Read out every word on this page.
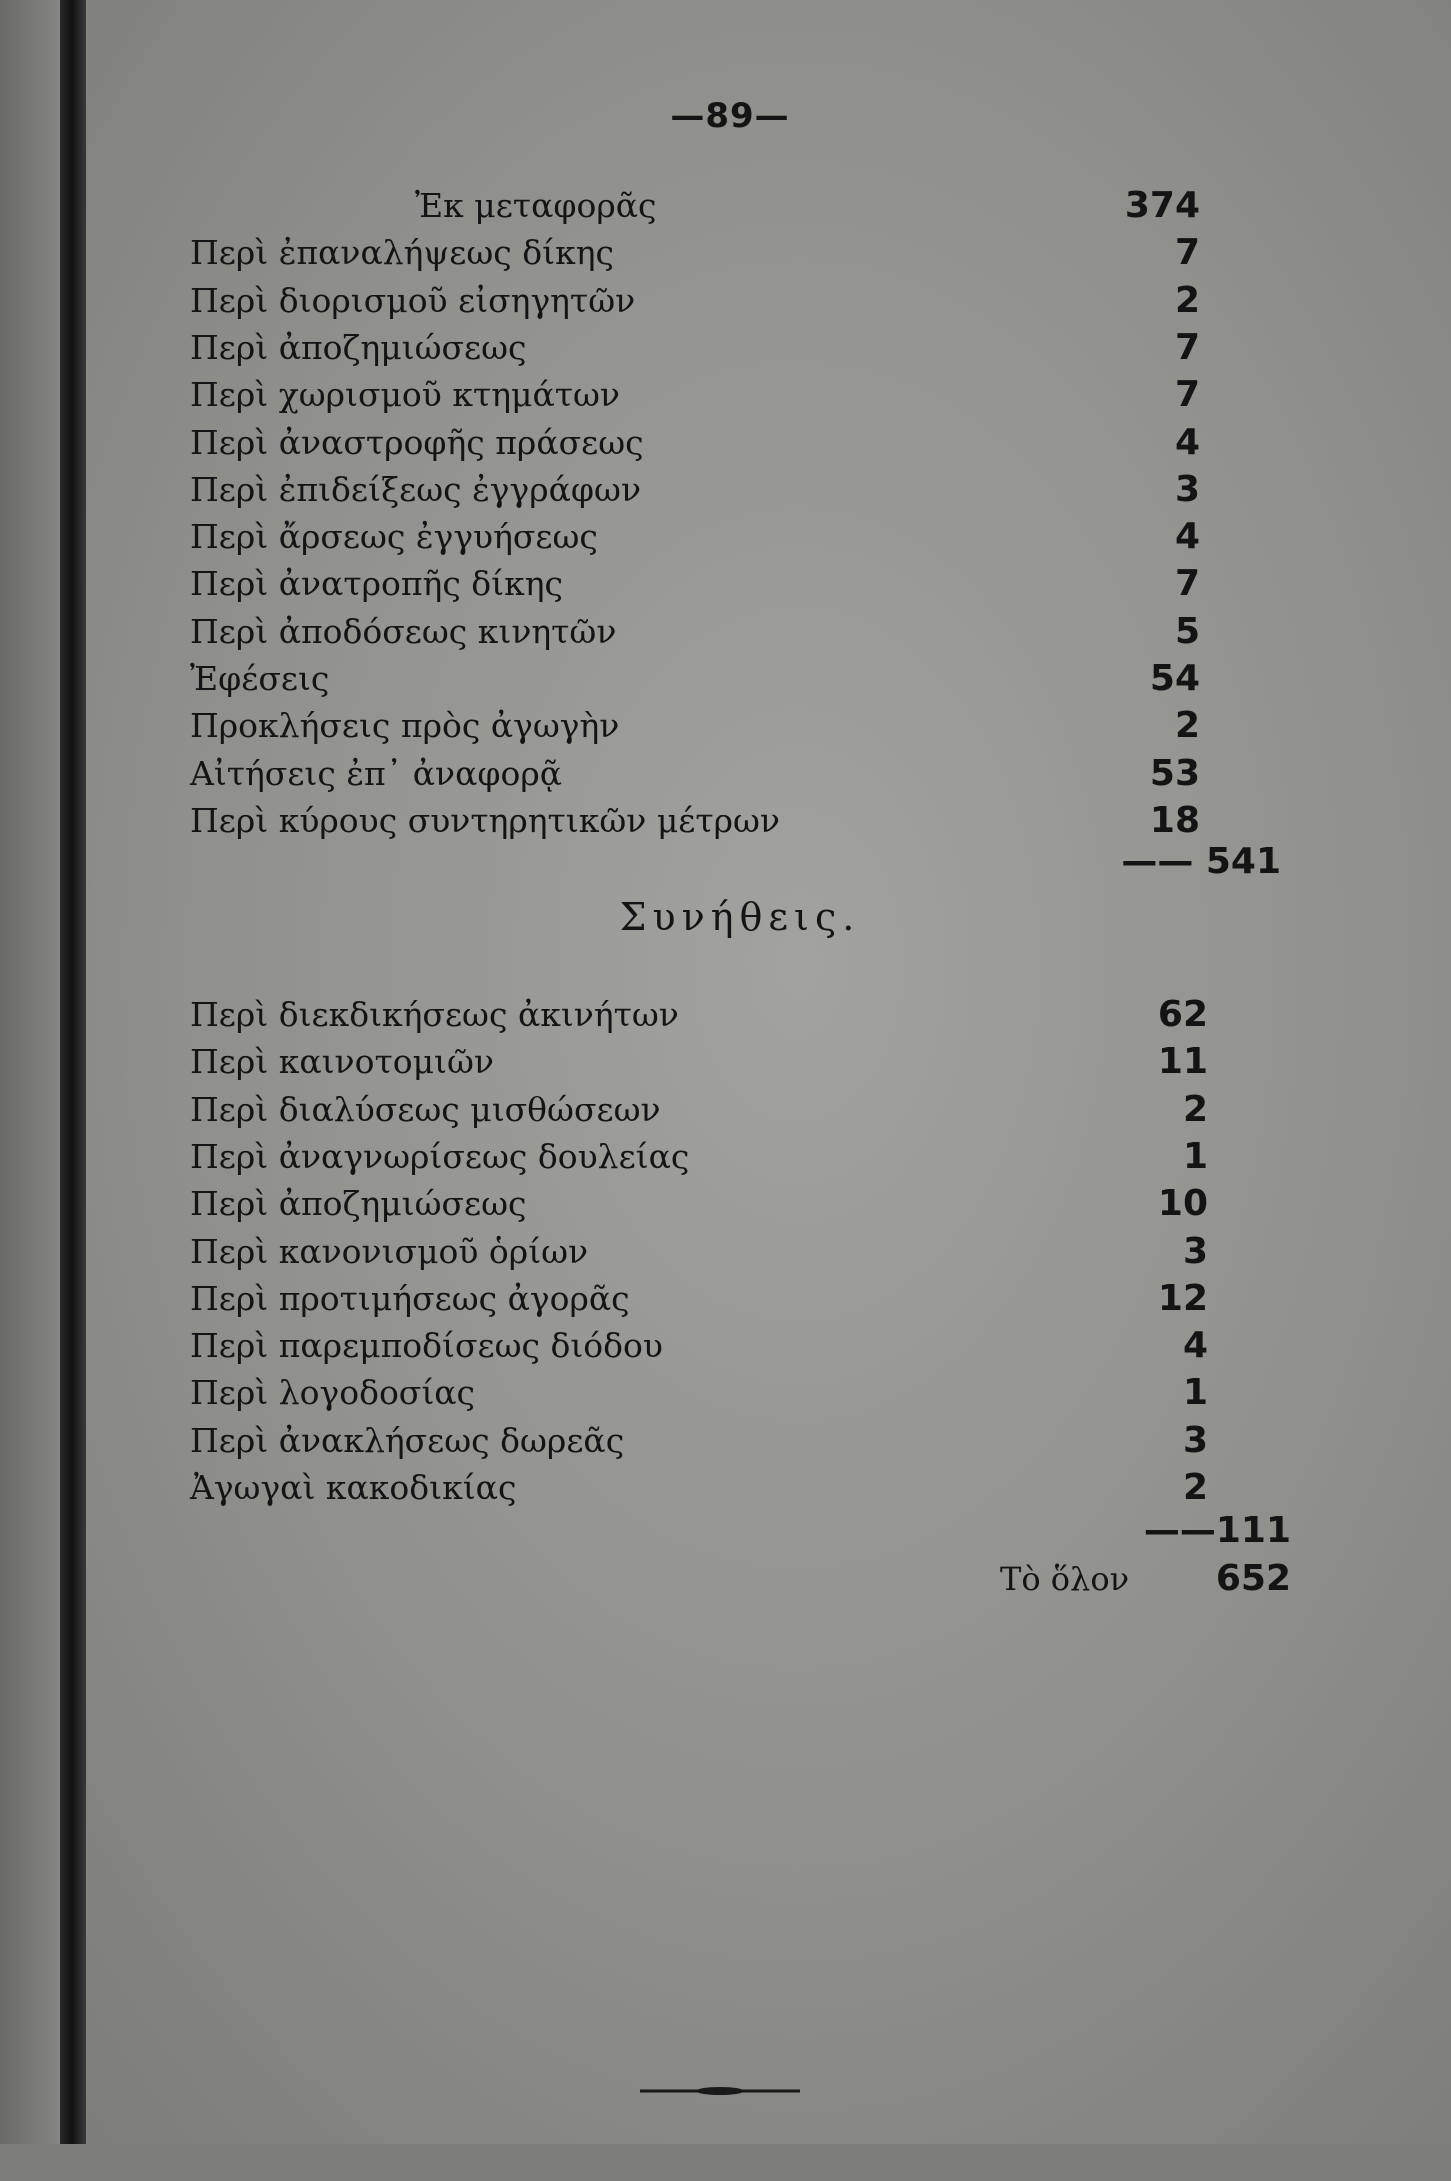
—89—
Ἐκ μεταφορᾶς	374
Περὶ ἐπαναλήψεως δίκης	7
Περὶ διορισμοῦ εἰσηγητῶν	2
Περὶ ἀποζημιώσεως	7
Περὶ χωρισμοῦ κτημάτων	7
Περὶ ἀναστροφῆς πράσεως	4
Περὶ ἐπιδείξεως ἐγγράφων	3
Περὶ ἄρσεως ἐγγυήσεως	4
Περὶ ἀνατροπῆς δίκης	7
Περὶ ἀποδόσεως κινητῶν	5
Ἐφέσεις	54
Προκλήσεις πρὸς ἀγωγὴν	2
Αἰτήσεις ἐπ᾽ ἀναφορᾷ	53
Περὶ κύρους συντηρητικῶν μέτρων	18
—— 541
Συνήθεις.
Περὶ διεκδικήσεως ἀκινήτων	62
Περὶ καινοτομιῶν	11
Περὶ διαλύσεως μισθώσεων	2
Περὶ ἀναγνωρίσεως δουλείας	1
Περὶ ἀποζημιώσεως	10
Περὶ κανονισμοῦ ὁρίων	3
Περὶ προτιμήσεως ἀγορᾶς	12
Περὶ παρεμποδίσεως διόδου	4
Περὶ λογοδοσίας	1
Περὶ ἀνακλήσεως δωρεᾶς	3
Ἀγωγαὶ κακοδικίας	2
——111
Τὸ ὅλον 652
